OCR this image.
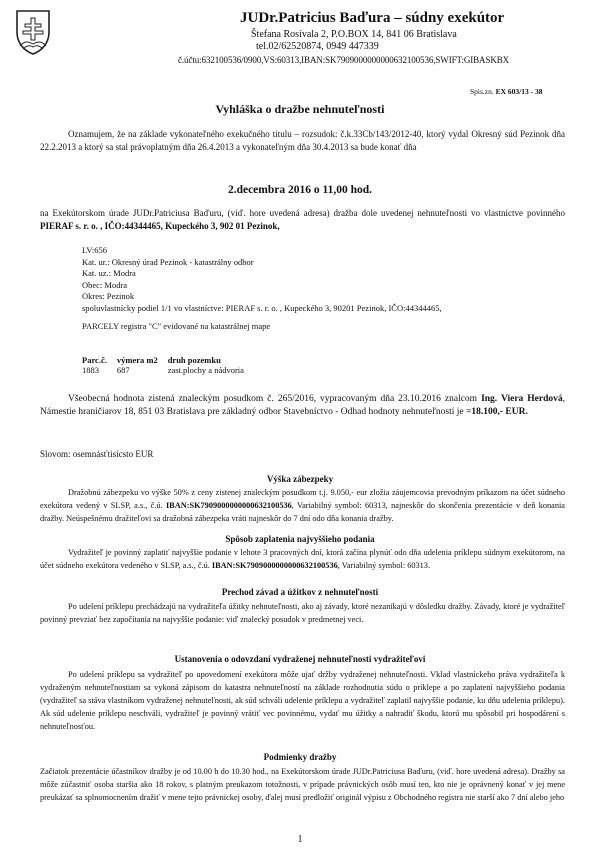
JUDr.Patricius Baďura – súdny exekútor
Štefana Rosívala 2, P.O.BOX 14, 841 06 Bratislava
tel.02/62520874, 0949 447339
č.účtu:632100536/0900,VS:60313,IBAN:SK7909000000000632100536,SWIFT:GIBASKBX
Spis.zn. EX 603/13 - 38
Vyhláška o dražbe nehnuteľnosti
Oznamujem, že na základe vykonateľného exekučného titulu – rozsudok: č.k.33Cb/143/2012-40, ktorý vydal Okresný súd Pezinok dňa 22.2.2013 a ktorý sa stal právoplatným dňa 26.4.2013 a vykonateľným dňa 30.4.2013 sa bude konať dňa
2.decembra 2016 o 11,00 hod.
na Exekútorskom úrade JUDr.Patriciusa Baďuru, (viď. hore uvedená adresa) dražba dole uvedenej nehnuteľnosti vo vlastníctve povinného PIERAF s. r. o. , IČO:44344465, Kupeckého 3, 902 01 Pezinok,
LV:656
Kat. ur.: Okresný úrad Pezinok - katastrálny odbor
Kat. uz.: Modra
Obec: Modra
Okres: Pezinok
spoluvlastnícky podiel 1/1 vo vlastníctve: PIERAF s. r. o. , Kupeckého 3, 90201 Pezinok, IČO:44344465,
PARCELY registra "C" evidované na katastrálnej mape
Parc.č.	výmera m2	druh pozemku
1883	687	zast.plochy a nádvoria
Všeobecná hodnota zistená znaleckým posudkom č. 265/2016, vypracovaným dňa 23.10.2016 znalcom Ing. Viera Herdová, Námestie hraničiarov 18, 851 03 Bratislava pre základný odbor Stavebníctvo - Odhad hodnoty nehnuteľností je =18.100,- EUR.
Slovom: osemnásťtisícsto EUR
Výška zábezpeky
Dražobnú zábezpeku vo výške 50% z ceny zistenej znaleckým posudkom t.j. 9.050,- eur zložia záujemcovia prevodným príkazom na účet súdneho exekútora vedený v SLSP, a.s., č.ú. IBAN:SK7909000000000632100536, Variabilný symbol: 60313, najneskôr do skončenia prezentácie v deň konania dražby. Neúspešnému dražiteľovi sa dražobná zábezpeka vráti najneskôr do 7 dní odo dňa konania dražby.
Spôsob zaplatenia najvyššieho podania
Vydražiteľ je povinný zaplatiť najvyššie podanie v lehote 3 pracovných dní, ktorá začína plynúť odo dňa udelenia príklepu súdnym exekútorom, na účet súdneho exekútora vedeného v SLSP, a.s., č.ú. IBAN:SK7909000000000632100536, Variabilný symbol: 60313.
Prechod závad a úžitkov z nehnuteľnosti
Po udelení príklepu prechádzajú na vydražiteľa úžitky nehnuteľnosti, ako aj závady, ktoré nezanikajú v dôsledku dražby. Závady, ktoré je vydražiteľ povinný prevziať bez započítania na najvyššie podanie: viď znalecký posudok v predmetnej veci.
Ustanovenia o odovzdaní vydraženej nehnuteľnosti vydražiteľovi
Po udelení príklepu sa vydražiteľ po upovedomení exekútora môže ujať držby vydraženej nehnuteľnosti. Vklad vlastníckeho práva vydražiteľa k vydraženým nehnuteľnostiam sa vykoná zápisom do katastra nehnuteľností na základe rozhodnutia súdu o príklepe a po zaplatení najvyššieho podania (vydražiteľ sa stáva vlastníkom vydraženej nehnuteľnosti, ak súd schváli udelenie príklepu a vydražiteľ zaplatil najvyššie podanie, ku dňu udelenia príklepu). Ak súd udelenie príklepu neschváli, vydražiteľ je povinný vrátiť vec povinnému, vydať mu úžitky a nahradiť škodu, ktorú mu spôsobil pri hospodárení s nehnuteľnosťou.
Podmienky dražby
Začiatok prezentácie účastníkov dražby je od 10.00 h do 10.30 hod., na Exekútorskom úrade JUDr.Patriciusa Baďuru, (viď. hore uvedená adresa). Dražby sa môže zúčastniť osoba staršia ako 18 rokov, s platným preukazom totožnosti, v prípade právnických osôb musí ten, kto nie je oprávnený konať v jej mene preukázať sa splnomocnením dražiť v mene tejto právnickej osoby, ďalej musí predložiť originál výpisu z Obchodného registra nie starší ako 7 dní alebo jeho
1
